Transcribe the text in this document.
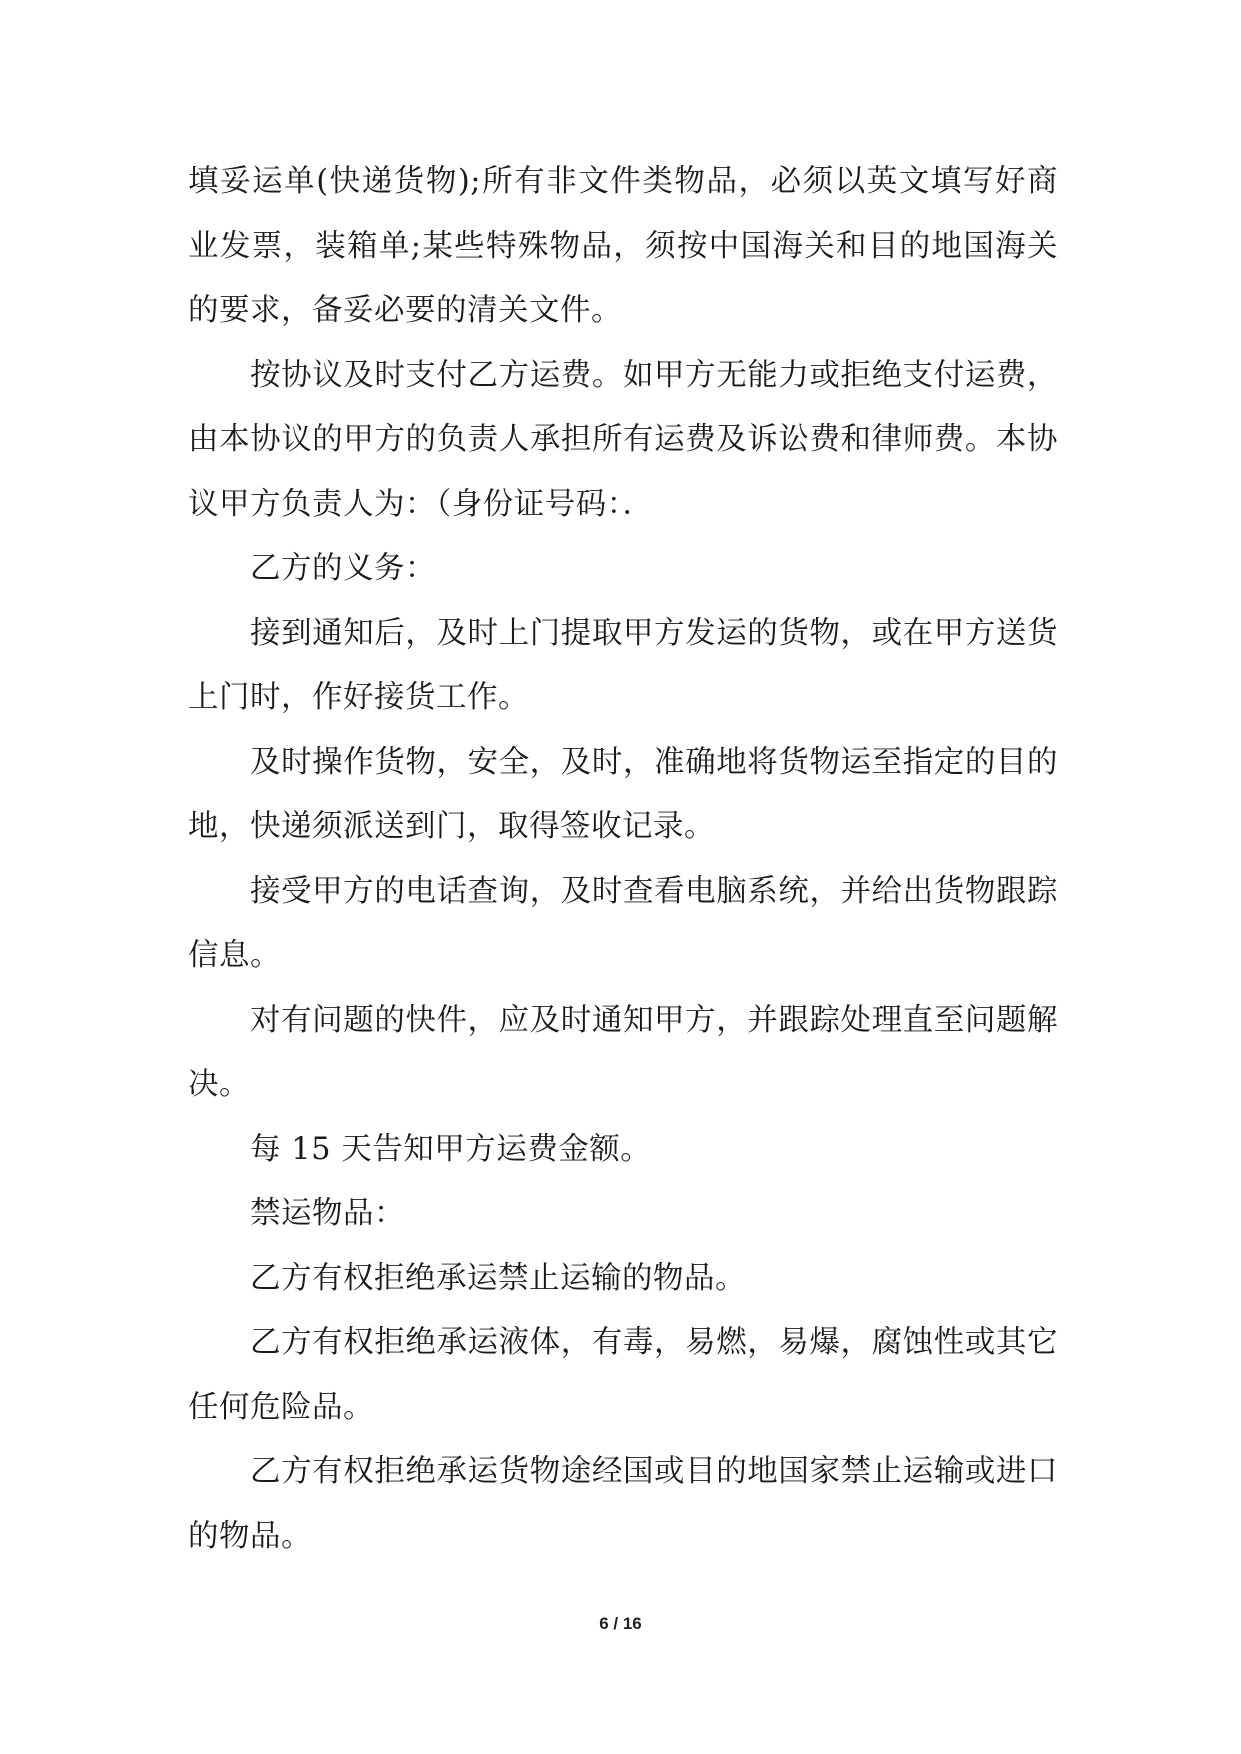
填妥运单(快递货物);所有非文件类物品，必须以英文填写好商业发票，装箱单;某些特殊物品，须按中国海关和目的地国海关的要求，备妥必要的清关文件。

按协议及时支付乙方运费。如甲方无能力或拒绝支付运费，由本协议的甲方的负责人承担所有运费及诉讼费和律师费。本协议甲方负责人为：（身份证号码：．

乙方的义务：

接到通知后，及时上门提取甲方发运的货物，或在甲方送货上门时，作好接货工作。

及时操作货物，安全，及时，准确地将货物运至指定的目的地，快递须派送到门，取得签收记录。

接受甲方的电话查询，及时查看电脑系统，并给出货物跟踪信息。

对有问题的快件，应及时通知甲方，并跟踪处理直至问题解决。

每 15 天告知甲方运费金额。

禁运物品：

乙方有权拒绝承运禁止运输的物品。

乙方有权拒绝承运液体，有毒，易燃，易爆，腐蚀性或其它任何危险品。

乙方有权拒绝承运货物途经国或目的地国家禁止运输或进口的物品。

6 / 16
